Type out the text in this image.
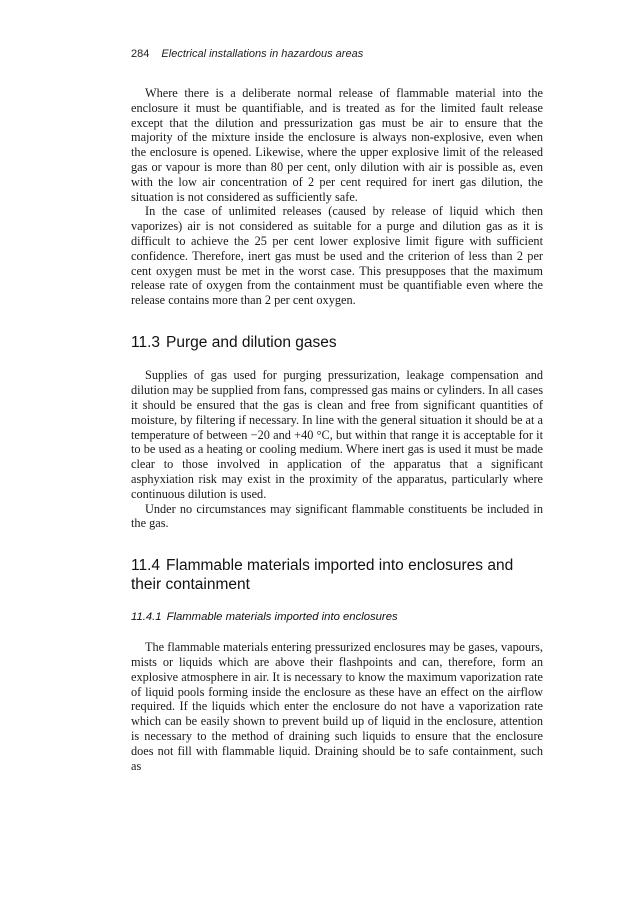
284 Electrical installations in hazardous areas

Where there is a deliberate normal release of flammable material into the enclosure it must be quantifiable, and is treated as for the limited fault release except that the dilution and pressurization gas must be air to ensure that the majority of the mixture inside the enclosure is always non-explosive, even when the enclosure is opened. Likewise, where the upper explosive limit of the released gas or vapour is more than 80 per cent, only dilution with air is possible as, even with the low air concentration of 2 per cent required for inert gas dilution, the situation is not considered as sufficiently safe.

In the case of unlimited releases (caused by release of liquid which then vaporizes) air is not considered as suitable for a purge and dilution gas as it is difficult to achieve the 25 per cent lower explosive limit figure with sufficient confidence. Therefore, inert gas must be used and the criterion of less than 2 per cent oxygen must be met in the worst case. This presupposes that the maximum release rate of oxygen from the containment must be quantifiable even where the release contains more than 2 per cent oxygen.

11.3 Purge and dilution gases

Supplies of gas used for purging pressurization, leakage compensation and dilution may be supplied from fans, compressed gas mains or cylinders. In all cases it should be ensured that the gas is clean and free from significant quantities of moisture, by filtering if necessary. In line with the general situation it should be at a temperature of between −20 and +40 °C, but within that range it is acceptable for it to be used as a heating or cooling medium. Where inert gas is used it must be made clear to those involved in application of the apparatus that a significant asphyxiation risk may exist in the proximity of the apparatus, particularly where continuous dilution is used.

Under no circumstances may significant flammable constituents be included in the gas.

11.4 Flammable materials imported into enclosures and their containment
11.4.1 Flammable materials imported into enclosures

The flammable materials entering pressurized enclosures may be gases, vapours, mists or liquids which are above their flashpoints and can, therefore, form an explosive atmosphere in air. It is necessary to know the maximum vaporization rate of liquid pools forming inside the enclosure as these have an effect on the airflow required. If the liquids which enter the enclosure do not have a vaporization rate which can be easily shown to prevent build up of liquid in the enclosure, attention is necessary to the method of draining such liquids to ensure that the enclosure does not fill with flammable liquid. Draining should be to safe containment, such as
